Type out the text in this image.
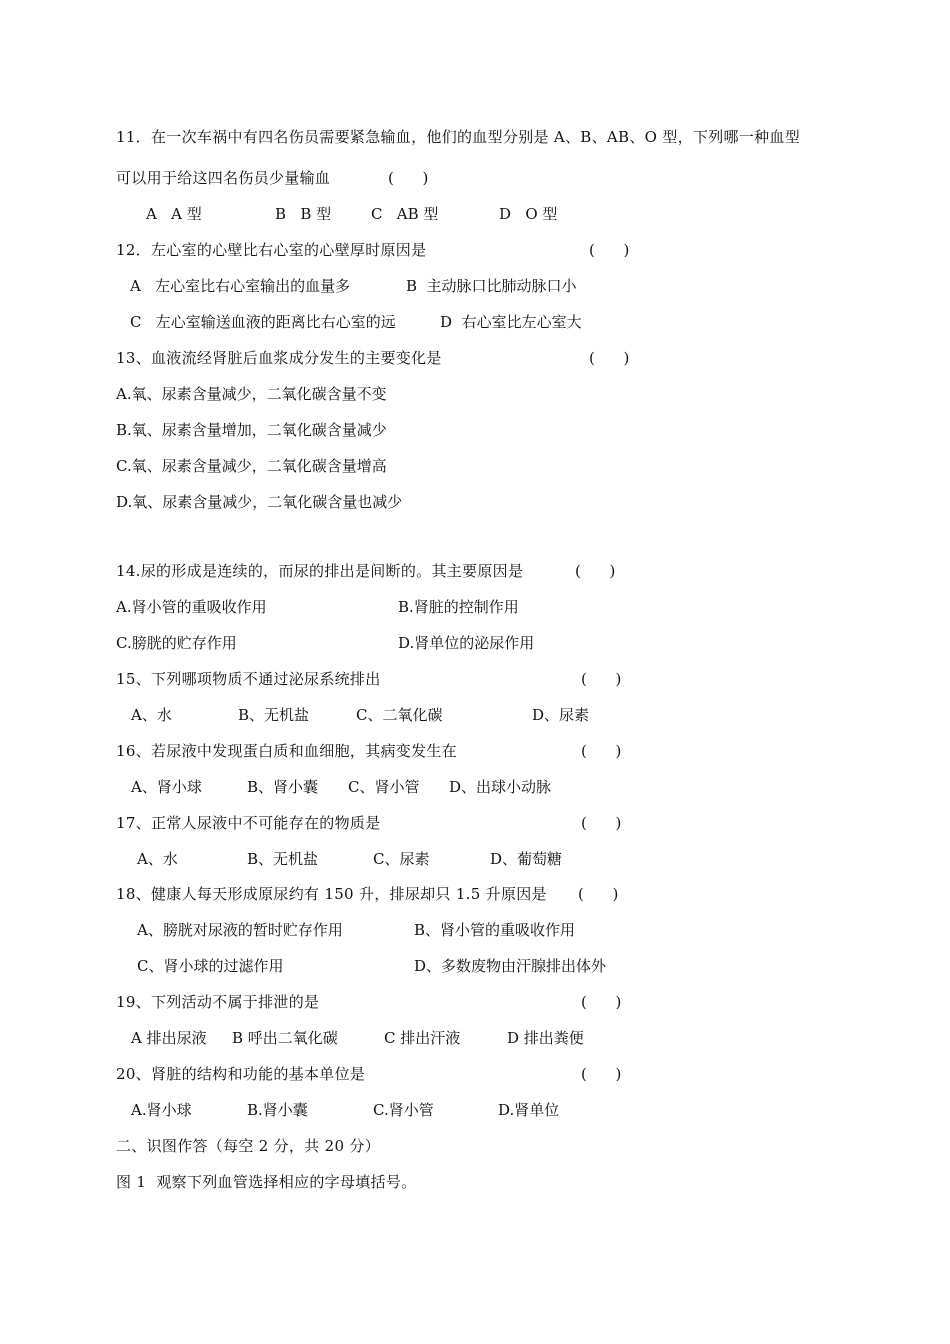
11．在一次车祸中有四名伤员需要紧急输血，他们的血型分别是 A、B、AB、O 型，下列哪一种血型
可以用于给这四名伤员少量输血	(      )
A   A 型	B   B 型	C   AB 型	D   O 型
12．左心室的心壁比右心室的心壁厚时原因是	(      )
A   左心室比右心室输出的血量多	B  主动脉口比肺动脉口小
C   左心室输送血液的距离比右心室的远	D  右心室比左心室大
13、血液流经肾脏后血浆成分发生的主要变化是	(      )
A.氧、尿素含量减少，二氧化碳含量不变
B.氧、尿素含量增加，二氧化碳含量减少
C.氧、尿素含量减少，二氧化碳含量增高
D.氧、尿素含量减少，二氧化碳含量也减少
14.尿的形成是连续的，而尿的排出是间断的。其主要原因是	(      )
A.肾小管的重吸收作用	B.肾脏的控制作用
C.膀胱的贮存作用	D.肾单位的泌尿作用
15、下列哪项物质不通过泌尿系统排出	(      )
A、水	B、无机盐	C、二氧化碳	D、尿素
16、若尿液中发现蛋白质和血细胞，其病变发生在	(      )
A、肾小球	B、肾小囊 C、肾小管 D、出球小动脉
17、正常人尿液中不可能存在的物质是	(      )
A、水	B、无机盐	C、尿素	D、葡萄糖
18、健康人每天形成原尿约有 150 升，排尿却只 1.5 升原因是 (      )
A、膀胱对尿液的暂时贮存作用	B、肾小管的重吸收作用
C、肾小球的过滤作用	D、多数废物由汗腺排出体外
19、下列活动不属于排泄的是	(      )
A 排出尿液 B 呼出二氧化碳	C 排出汗液	D 排出粪便
20、肾脏的结构和功能的基本单位是	(      )
A.肾小球	B.肾小囊	C.肾小管	D.肾单位
二、识图作答（每空 2 分，共 20 分）
图 1  观察下列血管选择相应的字母填括号。
